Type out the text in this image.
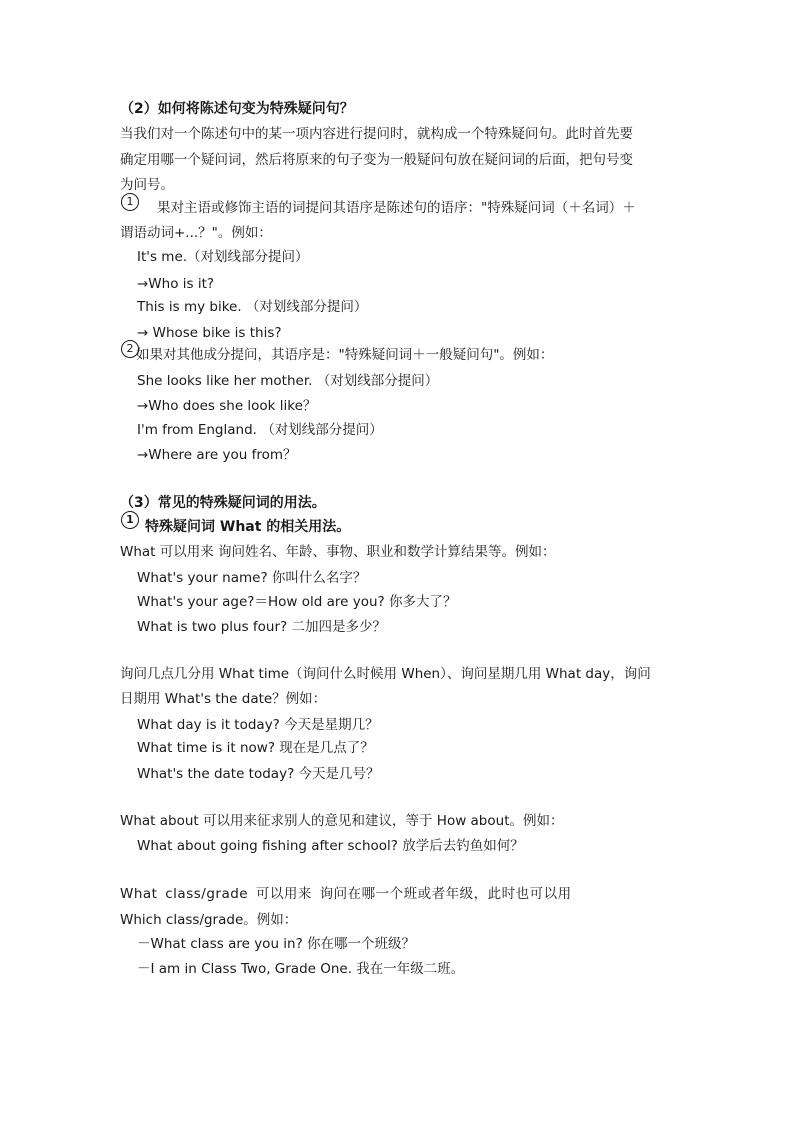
（2）如何将陈述句变为特殊疑问句？
当我们对一个陈述句中的某一项内容进行提问时，就构成一个特殊疑问句。此时首先要
确定用哪一个疑问词，然后将原来的句子变为一般疑问句放在疑问词的后面，把句号变
为问号。
1	果对主语或修饰主语的词提问其语序是陈述句的语序："特殊疑问词（＋名词）＋
谓语动词+...？"。例如：
It's me.（对划线部分提问）
→Who is it?
This is my bike. （对划线部分提问）
→ Whose bike is this?
2 如果对其他成分提问，其语序是："特殊疑问词＋一般疑问句"。例如：
She looks like her mother. （对划线部分提问）
→Who does she look like？
I'm from England. （对划线部分提问）
→Where are you from？
（3）常见的特殊疑问词的用法。
1 特殊疑问词 What 的相关用法。
What 可以用来 询问姓名、年龄、事物、职业和数学计算结果等。例如：
What's your name? 你叫什么名字？
What's your age?＝How old are you? 你多大了？
What is two plus four? 二加四是多少？
询问几点几分用 What time（询问什么时候用 When）、询问星期几用 What day，询问
日期用 What's the date？例如：
What day is it today? 今天是星期几？
What time is it now? 现在是几点了？
What's the date today? 今天是几号？
What about 可以用来征求别人的意见和建议，等于 How about。例如：
What about going fishing after school? 放学后去钓鱼如何？
What class/grade 可以用来 询问在哪一个班或者年级，此时也可以用
Which class/grade。例如：
－What class are you in? 你在哪一个班级？
－I am in Class Two, Grade One. 我在一年级二班。
